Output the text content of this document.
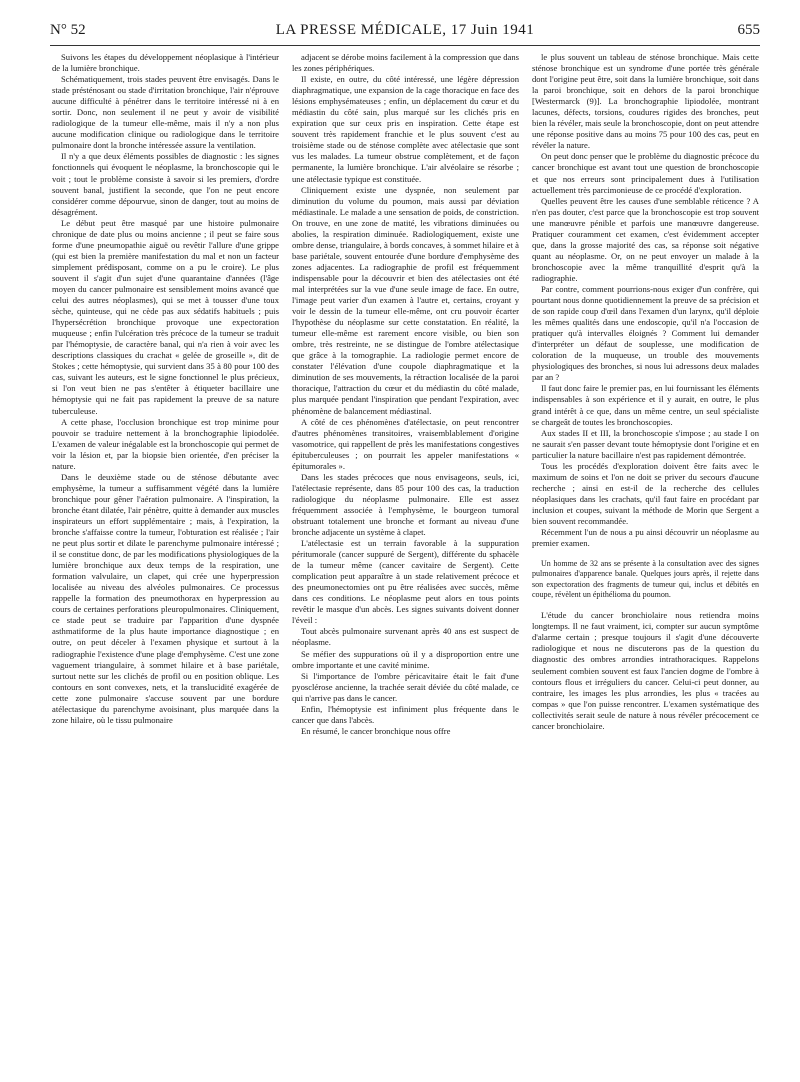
N° 52	LA PRESSE MÉDICALE, 17 Juin 1941	655

Suivons les étapes du développement néoplasique à l'intérieur de la lumière bronchique.

Schématiquement, trois stades peuvent être envisagés. Dans le stade présténosant ou stade d'irritation bronchique, l'air n'éprouve aucune difficulté à pénétrer dans le territoire intéressé ni à en sortir. Donc, non seulement il ne peut y avoir de visibilité radiologique de la tumeur elle-même, mais il n'y a non plus aucune modification clinique ou radiologique dans le territoire pulmonaire dont la bronche intéressée assure la ventilation.

Il n'y a que deux éléments possibles de diagnostic : les signes fonctionnels qui évoquent le néoplasme, la bronchoscopie qui le voit ; tout le problème consiste à savoir si les premiers, d'ordre souvent banal, justifient la seconde, que l'on ne peut encore considérer comme dépourvue, sinon de danger, tout au moins de désagrément.

Le début peut être masqué par une histoire pulmonaire chronique de date plus ou moins ancienne ; il peut se faire sous forme d'une pneumopathie aiguë ou revêtir l'allure d'une grippe (qui est bien la première manifestation du mal et non un facteur simplement prédisposant, comme on a pu le croire). Le plus souvent il s'agit d'un sujet d'une quarantaine d'années (l'âge moyen du cancer pulmonaire est sensiblement moins avancé que celui des autres néoplasmes), qui se met à tousser d'une toux sèche, quinteuse, qui ne cède pas aux sédatifs habituels ; puis l'hypersécrétion bronchique provoque une expectoration muqueuse ; enfin l'ulcération très précoce de la tumeur se traduit par l'hémoptysie, de caractère banal, qui n'a rien à voir avec les descriptions classiques du crachat « gelée de groseille », dit de Stokes ; cette hémoptysie, qui survient dans 35 à 80 pour 100 des cas, suivant les auteurs, est le signe fonctionnel le plus précieux, si l'on veut bien ne pas s'entêter à étiqueter bacillaire une hémoptysie qui ne fait pas rapidement la preuve de sa nature tuberculeuse.

A cette phase, l'occlusion bronchique est trop minime pour pouvoir se traduire nettement à la bronchographie lipiodolée. L'examen de valeur inégalable est la bronchoscopie qui permet de voir la lésion et, par la biopsie bien orientée, d'en préciser la nature.

Dans le deuxième stade ou de sténose débutante avec emphysème, la tumeur a suffisamment végété dans la lumière bronchique pour gêner l'aération pulmonaire. A l'inspiration, la bronche étant dilatée, l'air pénètre, quitte à demander aux muscles inspirateurs un effort supplémentaire ; mais, à l'expiration, la bronche s'affaisse contre la tumeur, l'obturation est réalisée ; l'air ne peut plus sortir et dilate le parenchyme pulmonaire intéressé ; il se constitue donc, de par les modifications physiologiques de la lumière bronchique aux deux temps de la respiration, une formation valvulaire, un clapet, qui crée une hyperpression localisée au niveau des alvéoles pulmonaires. Ce processus rappelle la formation des pneumothorax en hyperpression au cours de certaines perforations pleuropulmonaires. Cliniquement, ce stade peut se traduire par l'apparition d'une dyspnée asthmatiforme de la plus haute importance diagnostique ; en outre, on peut déceler à l'examen physique et surtout à la radiographie l'existence d'une plage d'emphysème. C'est une zone vaguement triangulaire, à sommet hilaire et à base pariétale, surtout nette sur les clichés de profil ou en position oblique. Les contours en sont convexes, nets, et la translucidité exagérée de cette zone pulmonaire s'accuse souvent par une bordure atélectasique du parenchyme avoisinant, plus marquée dans la zone hilaire, où le tissu pulmonaire

adjacent se dérobe moins facilement à la compression que dans les zones périphériques.

Il existe, en outre, du côté intéressé, une légère dépression diaphragmatique, une expansion de la cage thoracique en face des lésions emphysémateuses ; enfin, un déplacement du cœur et du médiastin du côté sain, plus marqué sur les clichés pris en expiration que sur ceux pris en inspiration. Cette étape est souvent très rapidement franchie et le plus souvent c'est au troisième stade ou de sténose complète avec atélectasie que sont vus les malades. La tumeur obstrue complètement, et de façon permanente, la lumière bronchique. L'air alvéolaire se résorbe ; une atélectasie typique est constituée.

Cliniquement existe une dyspnée, non seulement par diminution du volume du poumon, mais aussi par déviation médiastinale. Le malade a une sensation de poids, de constriction. On trouve, en une zone de matité, les vibrations diminuées ou abolies, la respiration diminuée. Radiologiquement, existe une ombre dense, triangulaire, à bords concaves, à sommet hilaire et à base pariétale, souvent entourée d'une bordure d'emphysème des zones adjacentes. La radiographie de profil est fréquemment indispensable pour la découvrir et bien des atélectasies ont été mal interprétées sur la vue d'une seule image de face. En outre, l'image peut varier d'un examen à l'autre et, certains, croyant y voir le dessin de la tumeur elle-même, ont cru pouvoir écarter l'hypothèse du néoplasme sur cette constatation. En réalité, la tumeur elle-même est rarement encore visible, ou bien son ombre, très restreinte, ne se distingue de l'ombre atélectasique que grâce à la tomographie. La radiologie permet encore de constater l'élévation d'une coupole diaphragmatique et la diminution de ses mouvements, la rétraction localisée de la paroi thoracique, l'attraction du cœur et du médiastin du côté malade, plus marquée pendant l'inspiration que pendant l'expiration, avec phénomène de balancement médiastinal.

A côté de ces phénomènes d'atélectasie, on peut rencontrer d'autres phénomènes transitoires, vraisemblablement d'origine vasomotrice, qui rappellent de près les manifestations congestives épituberculeuses ; on pourrait les appeler manifestations « épitumorales ».

Dans les stades précoces que nous envisageons, seuls, ici, l'atélectasie représente, dans 85 pour 100 des cas, la traduction radiologique du néoplasme pulmonaire. Elle est assez fréquemment associée à l'emphysème, le bourgeon tumoral obstruant totalement une bronche et formant au niveau d'une bronche adjacente un système à clapet.

L'atélectasie est un terrain favorable à la suppuration péritumorale (cancer suppuré de Sergent), différente du sphacèle de la tumeur même (cancer cavitaire de Sergent). Cette complication peut apparaître à un stade relativement précoce et des pneumonectomies ont pu être réalisées avec succès, même dans ces conditions. Le néoplasme peut alors en tous points revêtir le masque d'un abcès. Les signes suivants doivent donner l'éveil :

Tout abcès pulmonaire survenant après 40 ans est suspect de néoplasme.

Se méfier des suppurations où il y a disproportion entre une ombre importante et une cavité minime.

Si l'importance de l'ombre péricavitaire était le fait d'une pyosclérose ancienne, la trachée serait déviée du côté malade, ce qui n'arrive pas dans le cancer.

Enfin, l'hémoptysie est infiniment plus fréquente dans le cancer que dans l'abcès.

En résumé, le cancer bronchique nous offre

le plus souvent un tableau de sténose bronchique. Mais cette sténose bronchique est un syndrome d'une portée très générale dont l'origine peut être, soit dans la lumière bronchique, soit dans la paroi bronchique, soit en dehors de la paroi bronchique [Westermarck (9)]. La bronchographie lipiodolée, montrant lacunes, défects, torsions, coudures rigides des bronches, peut bien la révéler, mais seule la bronchoscopie, dont on peut attendre une réponse positive dans au moins 75 pour 100 des cas, peut en révéler la nature.

On peut donc penser que le problème du diagnostic précoce du cancer bronchique est avant tout une question de bronchoscopie et que nos erreurs sont principalement dues à l'utilisation actuellement très parcimonieuse de ce procédé d'exploration.

Quelles peuvent être les causes d'une semblable réticence ? A n'en pas douter, c'est parce que la bronchoscopie est trop souvent une manœuvre pénible et parfois une manœuvre dangereuse. Pratiquer couramment cet examen, c'est évidemment accepter que, dans la grosse majorité des cas, sa réponse soit négative quant au néoplasme. Or, on ne peut envoyer un malade à la bronchoscopie avec la même tranquillité d'esprit qu'à la radiographie.

Par contre, comment pourrions-nous exiger d'un confrère, qui pourtant nous donne quotidiennement la preuve de sa précision et de son rapide coup d'œil dans l'examen d'un larynx, qu'il déploie les mêmes qualités dans une endoscopie, qu'il n'a l'occasion de pratiquer qu'à intervalles éloignés ? Comment lui demander d'interpréter un défaut de souplesse, une modification de coloration de la muqueuse, un trouble des mouvements physiologiques des bronches, si nous lui adressons deux malades par an ?

Il faut donc faire le premier pas, en lui fournissant les éléments indispensables à son expérience et il y aurait, en outre, le plus grand intérêt à ce que, dans un même centre, un seul spécialiste se chargeât de toutes les bronchoscopies.

Aux stades II et III, la bronchoscopie s'impose ; au stade I on ne saurait s'en passer devant toute hémoptysie dont l'origine et en particulier la nature bacillaire n'est pas rapidement démontrée.

Tous les procédés d'exploration doivent être faits avec le maximum de soins et l'on ne doit se priver du secours d'aucune recherche ; ainsi en est-il de la recherche des cellules néoplasiques dans les crachats, qu'il faut faire en procédant par inclusion et coupes, suivant la méthode de Morin que Sergent a bien souvent recommandée.

Récemment l'un de nous a pu ainsi découvrir un néoplasme au premier examen.

Un homme de 32 ans se présente à la consultation avec des signes pulmonaires d'apparence banale. Quelques jours après, il rejette dans son expectoration des fragments de tumeur qui, inclus et débités en coupe, révèlent un épithélioma du poumon.

L'étude du cancer bronchiolaire nous retiendra moins longtemps. Il ne faut vraiment, ici, compter sur aucun symptôme d'alarme certain ; presque toujours il s'agit d'une découverte radiologique et nous ne discuterons pas de la question du diagnostic des ombres arrondies intrathoraciques. Rappelons seulement combien souvent est faux l'ancien dogme de l'ombre à contours flous et irréguliers du cancer. Celui-ci peut donner, au contraire, les images les plus arrondies, les plus « tracées au compas » que l'on puisse rencontrer. L'examen systématique des collectivités serait seule de nature à nous révéler précocement ce cancer bronchiolaire.
